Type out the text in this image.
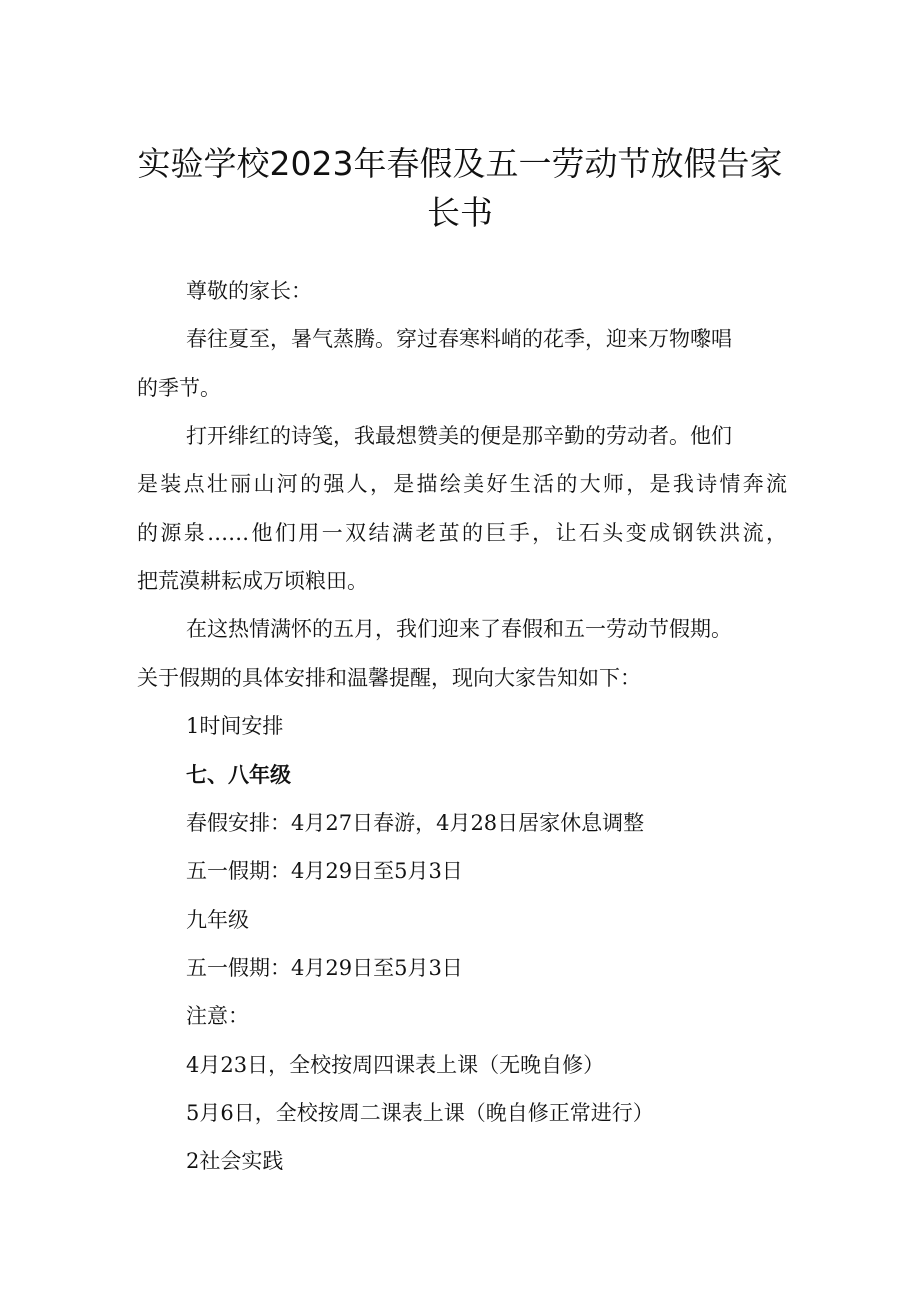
实验学校2023年春假及五一劳动节放假告家
长书
尊敬的家长：
春往夏至，暑气蒸腾。穿过春寒料峭的花季，迎来万物嚟唱
的季节。
打开绯红的诗笺，我最想赞美的便是那辛勤的劳动者。他们
是装点壮丽山河的强人，是描绘美好生活的大师，是我诗情奔流
的源泉……他们用一双结满老茧的巨手，让石头变成钢铁洪流，
把荒漠耕耘成万顷粮田。
在这热情满怀的五月，我们迎来了春假和五一劳动节假期。
关于假期的具体安排和温馨提醒，现向大家告知如下：
1时间安排
七、八年级
春假安排：4月27日春游，4月28日居家休息调整
五一假期：4月29日至5月3日
九年级
五一假期：4月29日至5月3日
注意：
4月23日，全校按周四课表上课（无晚自修）
5月6日，全校按周二课表上课（晚自修正常进行）
2社会实践
